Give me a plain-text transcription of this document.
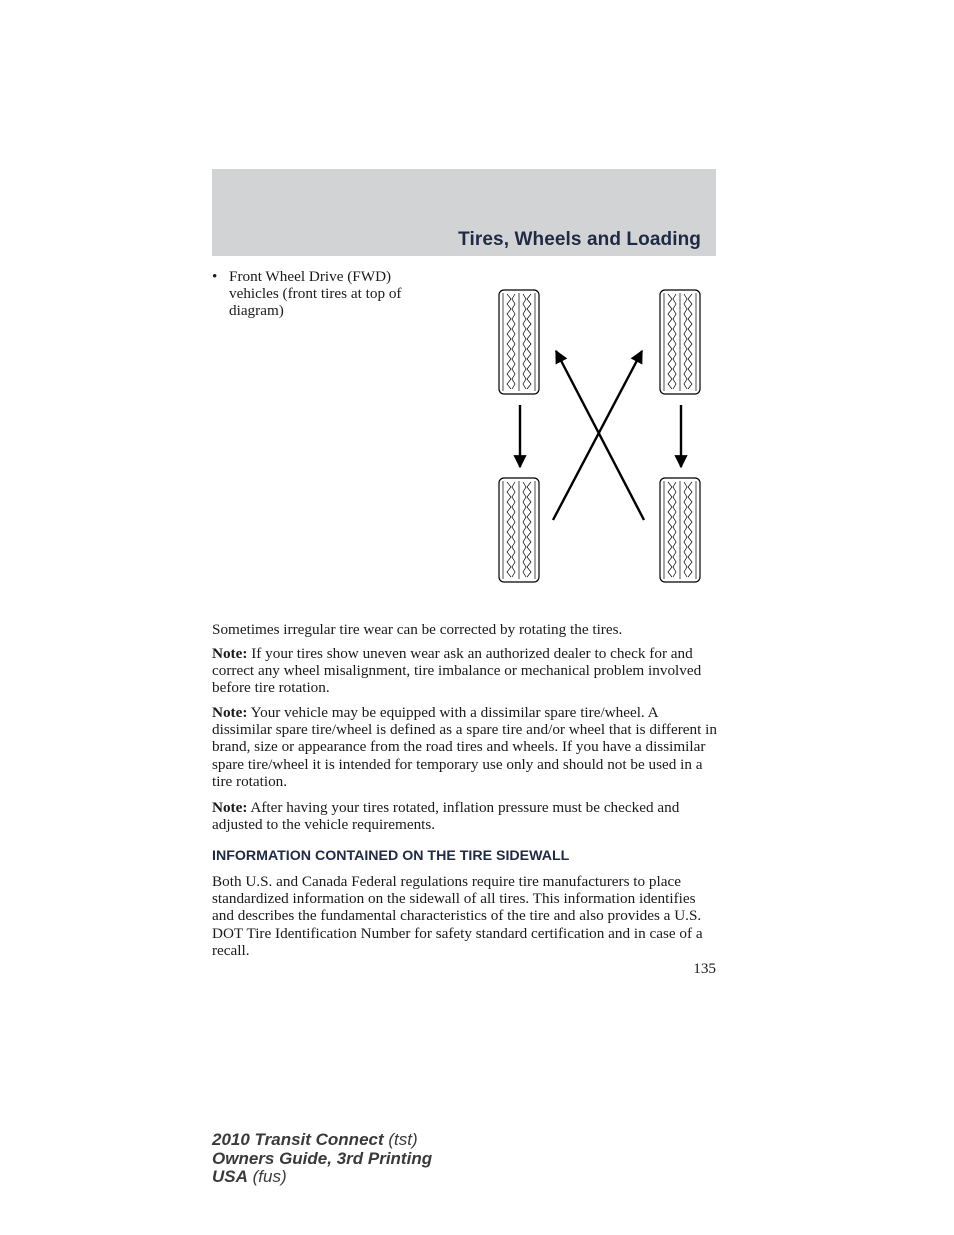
Tires, Wheels and Loading
• Front Wheel Drive (FWD) vehicles (front tires at top of diagram)

Sometimes irregular tire wear can be corrected by rotating the tires.

Note: If your tires show uneven wear ask an authorized dealer to check for and correct any wheel misalignment, tire imbalance or mechanical problem involved before tire rotation.

Note: Your vehicle may be equipped with a dissimilar spare tire/wheel. A dissimilar spare tire/wheel is defined as a spare tire and/or wheel that is different in brand, size or appearance from the road tires and wheels. If you have a dissimilar spare tire/wheel it is intended for temporary use only and should not be used in a tire rotation.

Note: After having your tires rotated, inflation pressure must be checked and adjusted to the vehicle requirements.

INFORMATION CONTAINED ON THE TIRE SIDEWALL

Both U.S. and Canada Federal regulations require tire manufacturers to place standardized information on the sidewall of all tires. This information identifies and describes the fundamental characteristics of the tire and also provides a U.S. DOT Tire Identification Number for safety standard certification and in case of a recall.

135
2010 Transit Connect (tst)
Owners Guide, 3rd Printing
USA (fus)
